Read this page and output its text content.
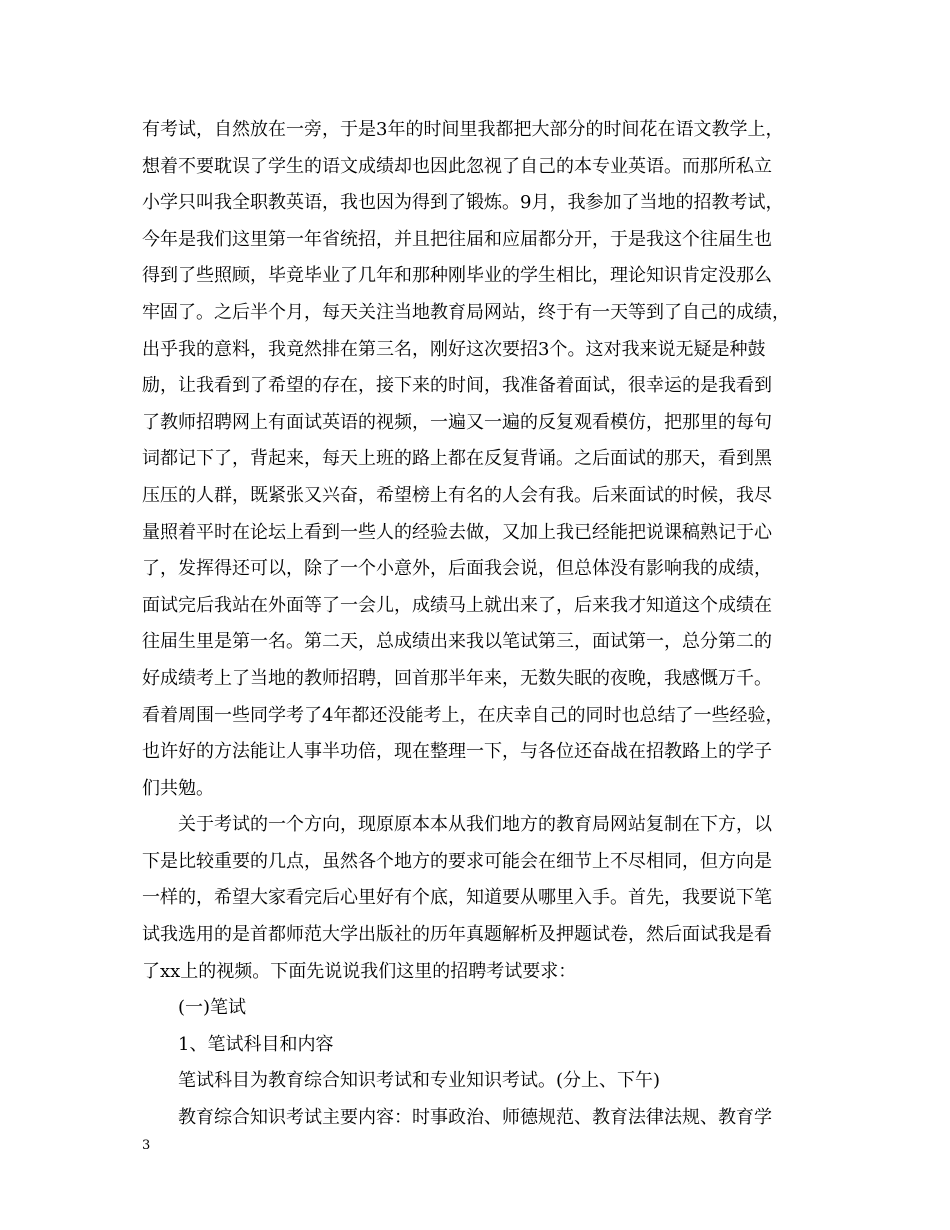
有考试，自然放在一旁，于是3年的时间里我都把大部分的时间花在语文教学上，
想着不要耽误了学生的语文成绩却也因此忽视了自己的本专业英语。而那所私立
小学只叫我全职教英语，我也因为得到了锻炼。9月，我参加了当地的招教考试，
今年是我们这里第一年省统招，并且把往届和应届都分开，于是我这个往届生也
得到了些照顾，毕竟毕业了几年和那种刚毕业的学生相比，理论知识肯定没那么
牢固了。之后半个月，每天关注当地教育局网站，终于有一天等到了自己的成绩，
出乎我的意料，我竟然排在第三名，刚好这次要招3个。这对我来说无疑是种鼓
励，让我看到了希望的存在，接下来的时间，我准备着面试，很幸运的是我看到
了教师招聘网上有面试英语的视频，一遍又一遍的反复观看模仿，把那里的每句
词都记下了，背起来，每天上班的路上都在反复背诵。之后面试的那天，看到黑
压压的人群，既紧张又兴奋，希望榜上有名的人会有我。后来面试的时候，我尽
量照着平时在论坛上看到一些人的经验去做，又加上我已经能把说课稿熟记于心
了，发挥得还可以，除了一个小意外，后面我会说，但总体没有影响我的成绩，
面试完后我站在外面等了一会儿，成绩马上就出来了，后来我才知道这个成绩在
往届生里是第一名。第二天，总成绩出来我以笔试第三，面试第一，总分第二的
好成绩考上了当地的教师招聘，回首那半年来，无数失眠的夜晚，我感慨万千。
看着周围一些同学考了4年都还没能考上，在庆幸自己的同时也总结了一些经验，
也许好的方法能让人事半功倍，现在整理一下，与各位还奋战在招教路上的学子
们共勉。
关于考试的一个方向，现原原本本从我们地方的教育局网站复制在下方，以
下是比较重要的几点，虽然各个地方的要求可能会在细节上不尽相同，但方向是
一样的，希望大家看完后心里好有个底，知道要从哪里入手。首先，我要说下笔
试我选用的是首都师范大学出版社的历年真题解析及押题试卷，然后面试我是看
了xx上的视频。下面先说说我们这里的招聘考试要求：
(一)笔试
1、笔试科目和内容
笔试科目为教育综合知识考试和专业知识考试。(分上、下午)
教育综合知识考试主要内容：时事政治、师德规范、教育法律法规、教育学
3
